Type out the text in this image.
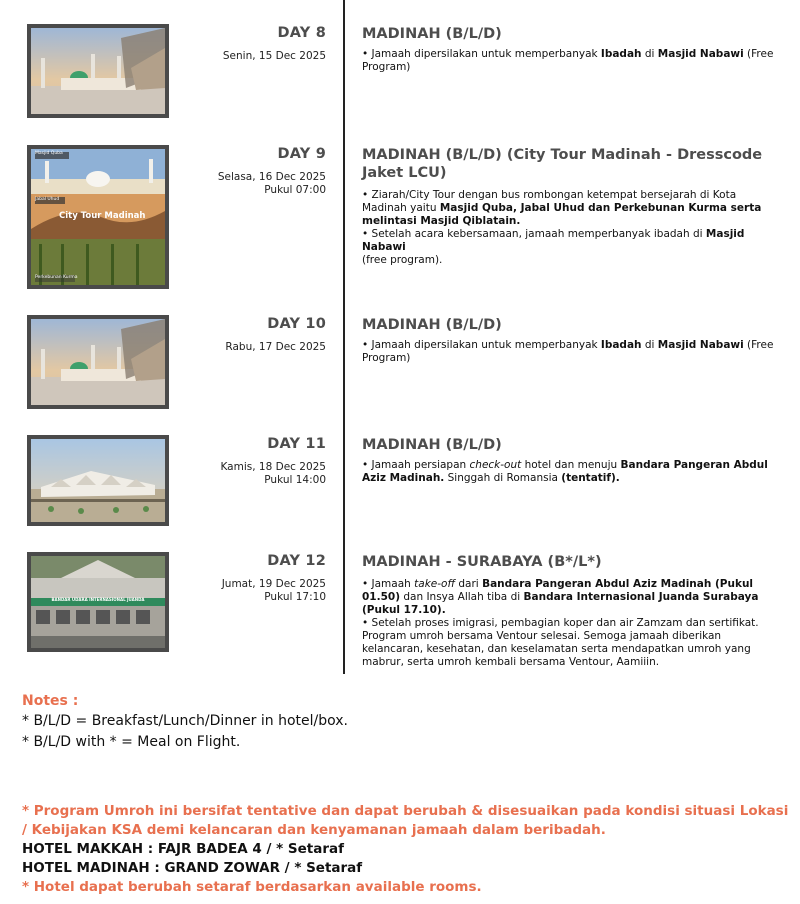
DAY 8
Senin, 15 Dec 2025
MADINAH (B/L/D)
• Jamaah dipersilakan untuk memperbanyak Ibadah di Masjid Nabawi (Free Program)
Masjid Quba
Jabal Uhud
City Tour Madinah
Perkebunan Kurma
DAY 9
Selasa, 16 Dec 2025
Pukul 07:00
MADINAH (B/L/D) (City Tour Madinah - Dresscode Jaket LCU)
• Ziarah/City Tour dengan bus rombongan ketempat bersejarah di Kota Madinah yaitu Masjid Quba, Jabal Uhud dan Perkebunan Kurma serta melintasi Masjid Qiblatain.
• Setelah acara kebersamaan, jamaah memperbanyak ibadah di Masjid Nabawi
(free program).
DAY 10
Rabu, 17 Dec 2025
MADINAH (B/L/D)
• Jamaah dipersilakan untuk memperbanyak Ibadah di Masjid Nabawi (Free Program)
DAY 11
Kamis, 18 Dec 2025
Pukul 14:00
MADINAH (B/L/D)
• Jamaah persiapan check-out hotel dan menuju Bandara Pangeran Abdul Aziz Madinah. Singgah di Romansia (tentatif).
BANDAR UDARA INTERNASIONAL JUANDA
DAY 12
Jumat, 19 Dec 2025
Pukul 17:10
MADINAH - SURABAYA (B*/L*)
• Jamaah take-off dari Bandara Pangeran Abdul Aziz Madinah (Pukul 01.50) dan Insya Allah tiba di Bandara Internasional Juanda Surabaya (Pukul 17.10).
• Setelah proses imigrasi, pembagian koper dan air Zamzam dan sertifikat. Program umroh bersama Ventour selesai. Semoga jamaah diberikan kelancaran, kesehatan, dan keselamatan serta mendapatkan umroh yang mabrur, serta umroh kembali bersama Ventour, Aamiiin.
Notes :
* B/L/D = Breakfast/Lunch/Dinner in hotel/box.
* B/L/D with * = Meal on Flight.
* Program Umroh ini bersifat tentative dan dapat berubah & disesuaikan pada kondisi situasi Lokasi / Kebijakan KSA demi kelancaran dan kenyamanan jamaah dalam beribadah.
HOTEL MAKKAH : FAJR BADEA 4 / * Setaraf
HOTEL MADINAH : GRAND ZOWAR / * Setaraf
* Hotel dapat berubah setaraf berdasarkan available rooms.
